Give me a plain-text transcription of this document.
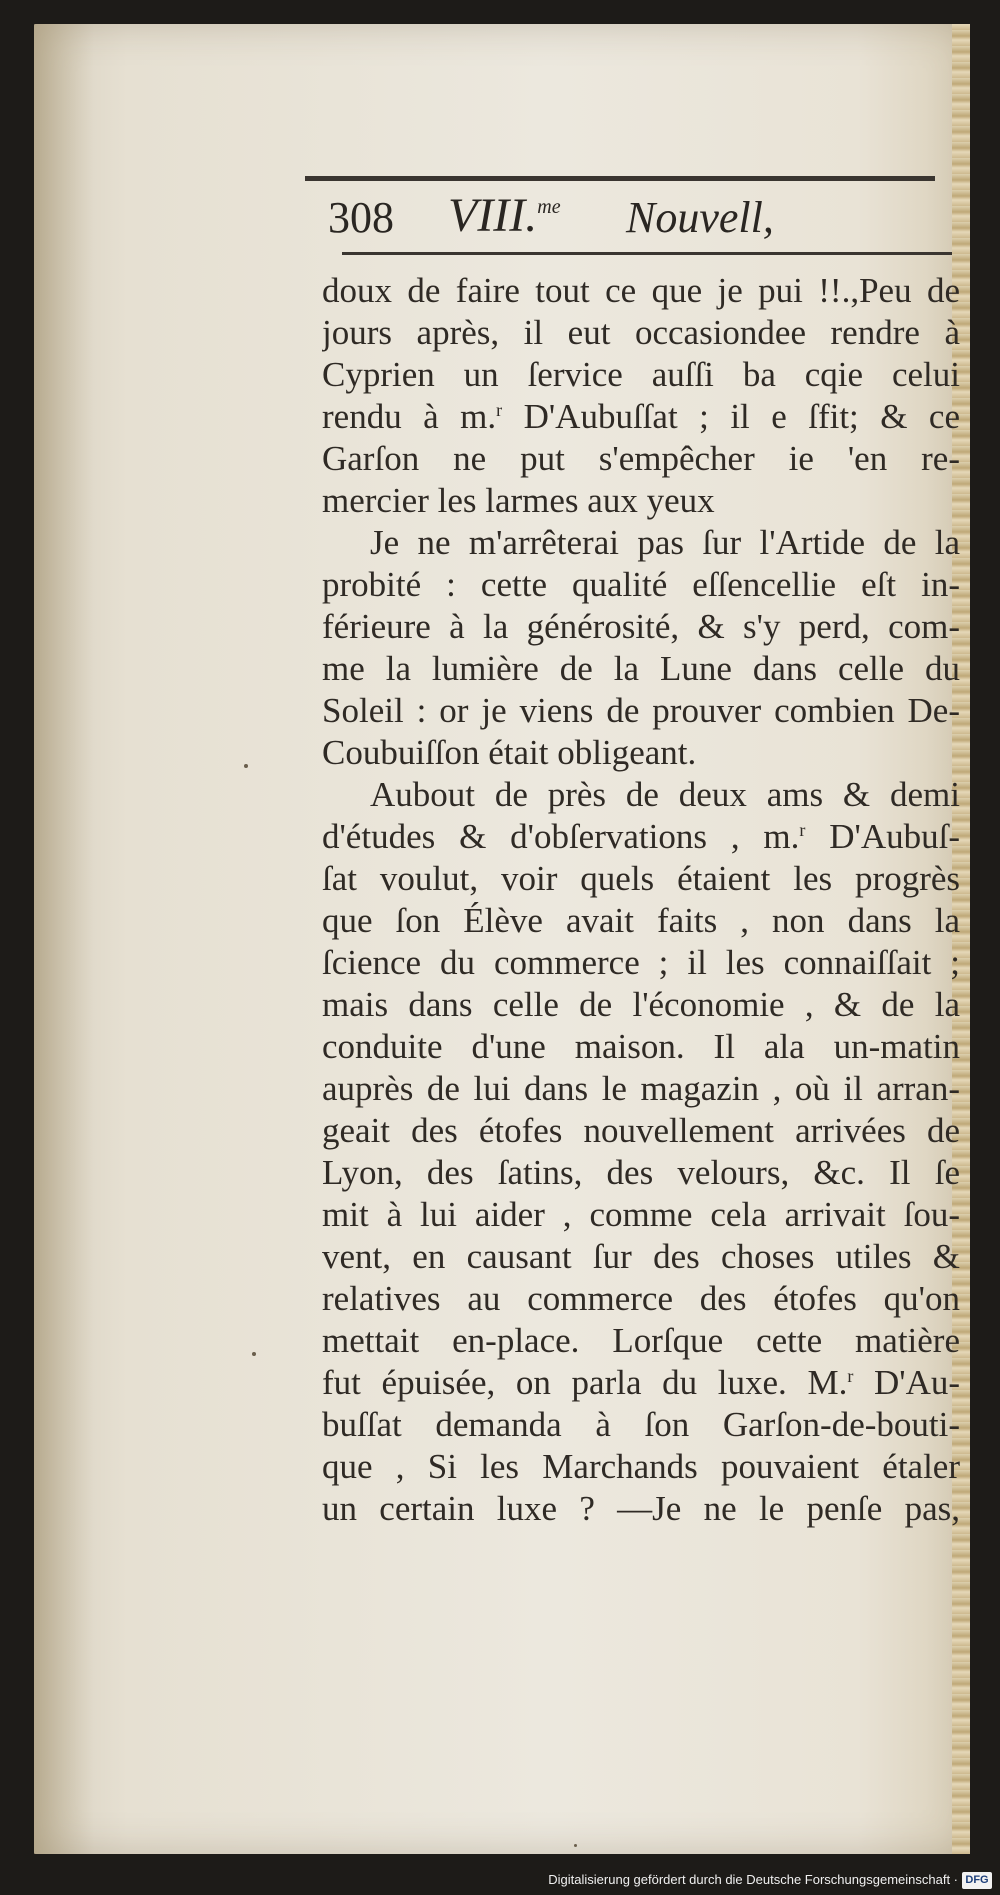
308 VIII.$^{me}$ Nouvell,
doux de faire tout ce que je pui !!.,Peu de
jours après, il eut occasiondee rendre à
Cyprien un ſervice auſſi ba cqie celui
rendu à m.$^r$ D'Aubuſſat ; il e ſfit; & ce
Garſon ne put s'empêcher ie 'en re-
mercier les larmes aux yeux
Je ne m'arrêterai pas ſur l'Artide de la
probité : cette qualité eſſencellie eſt in-
férieure à la générosité, & s'y perd, com-
me la lumière de la Lune dans celle du
Soleil : or je viens de prouver combien De-
Coubuiſſon était obligeant.
Aubout de près de deux ams & demi
d'études & d'obſervations , m.$^r$ D'Aubuſ-
ſat voulut, voir quels étaient les progrès
que ſon Élève avait faits , non dans la
ſcience du commerce ; il les connaiſſait ;
mais dans celle de l'économie , & de la
conduite d'une maison. Il ala un-matin
auprès de lui dans le magazin , où il arran-
geait des étofes nouvellement arrivées de
Lyon, des ſatins, des velours, &c. Il ſe
mit à lui aider , comme cela arrivait ſou-
vent, en causant ſur des choses utiles &
relatives au commerce des étofes qu'on
mettait en-place. Lorſque cette matière
fut épuisée, on parla du luxe. M.$^r$ D'Au-
buſſat demanda à ſon Garſon-de-bouti-
que , Si les Marchands pouvaient étaler
un certain luxe ? —Je ne le penſe pas,
Digitalisierung gefördert durch die Deutsche Forschungsgemeinschaft · DFG
